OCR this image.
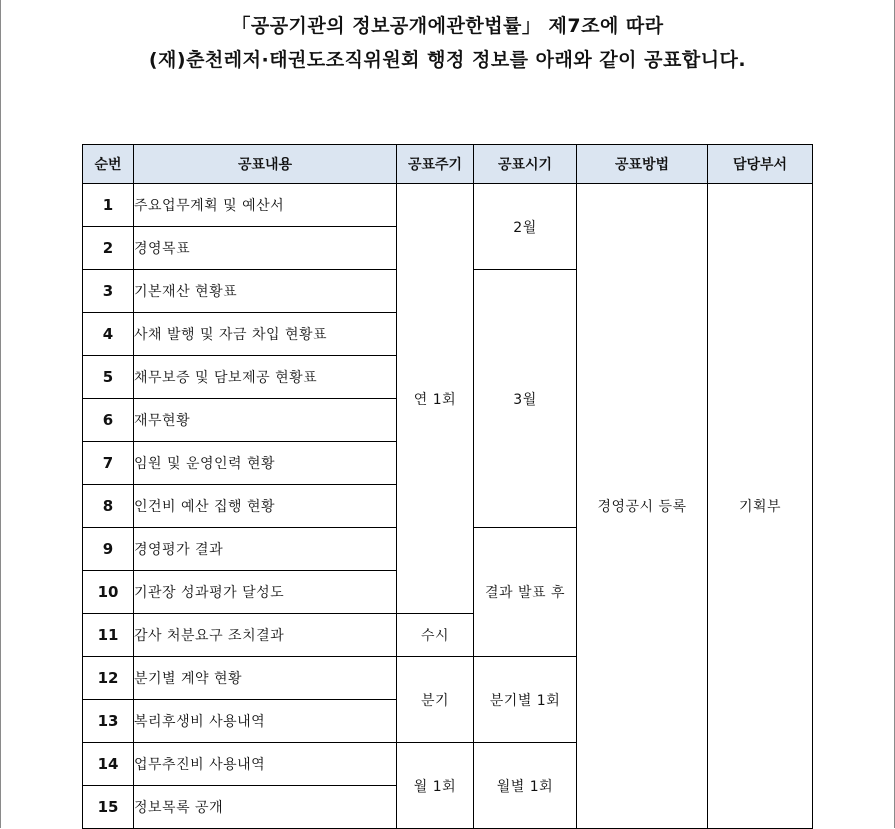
「공공기관의 정보공개에관한법률」 제7조에 따라
(재)춘천레저·태권도조직위원회 행정 정보를 아래와 같이 공표합니다.
순번	공표내용	공표주기	공표시기	공표방법	담당부서
1	주요업무계획 및 예산서	연 1회	2월	경영공시 등록	기획부
2	경영목표				
3	기본재산 현황표		3월		
4	사채 발행 및 자금 차입 현황표				
5	채무보증 및 담보제공 현황표				
6	재무현황				
7	임원 및 운영인력 현황				
8	인건비 예산 집행 현황				
9	경영평가 결과		결과 발표 후		
10	기관장 성과평가 달성도				
11	감사 처분요구 조치결과	수시			
12	분기별 계약 현황	분기	분기별 1회		
13	복리후생비 사용내역				
14	업무추진비 사용내역	월 1회	월별 1회		
15	정보목록 공개				
